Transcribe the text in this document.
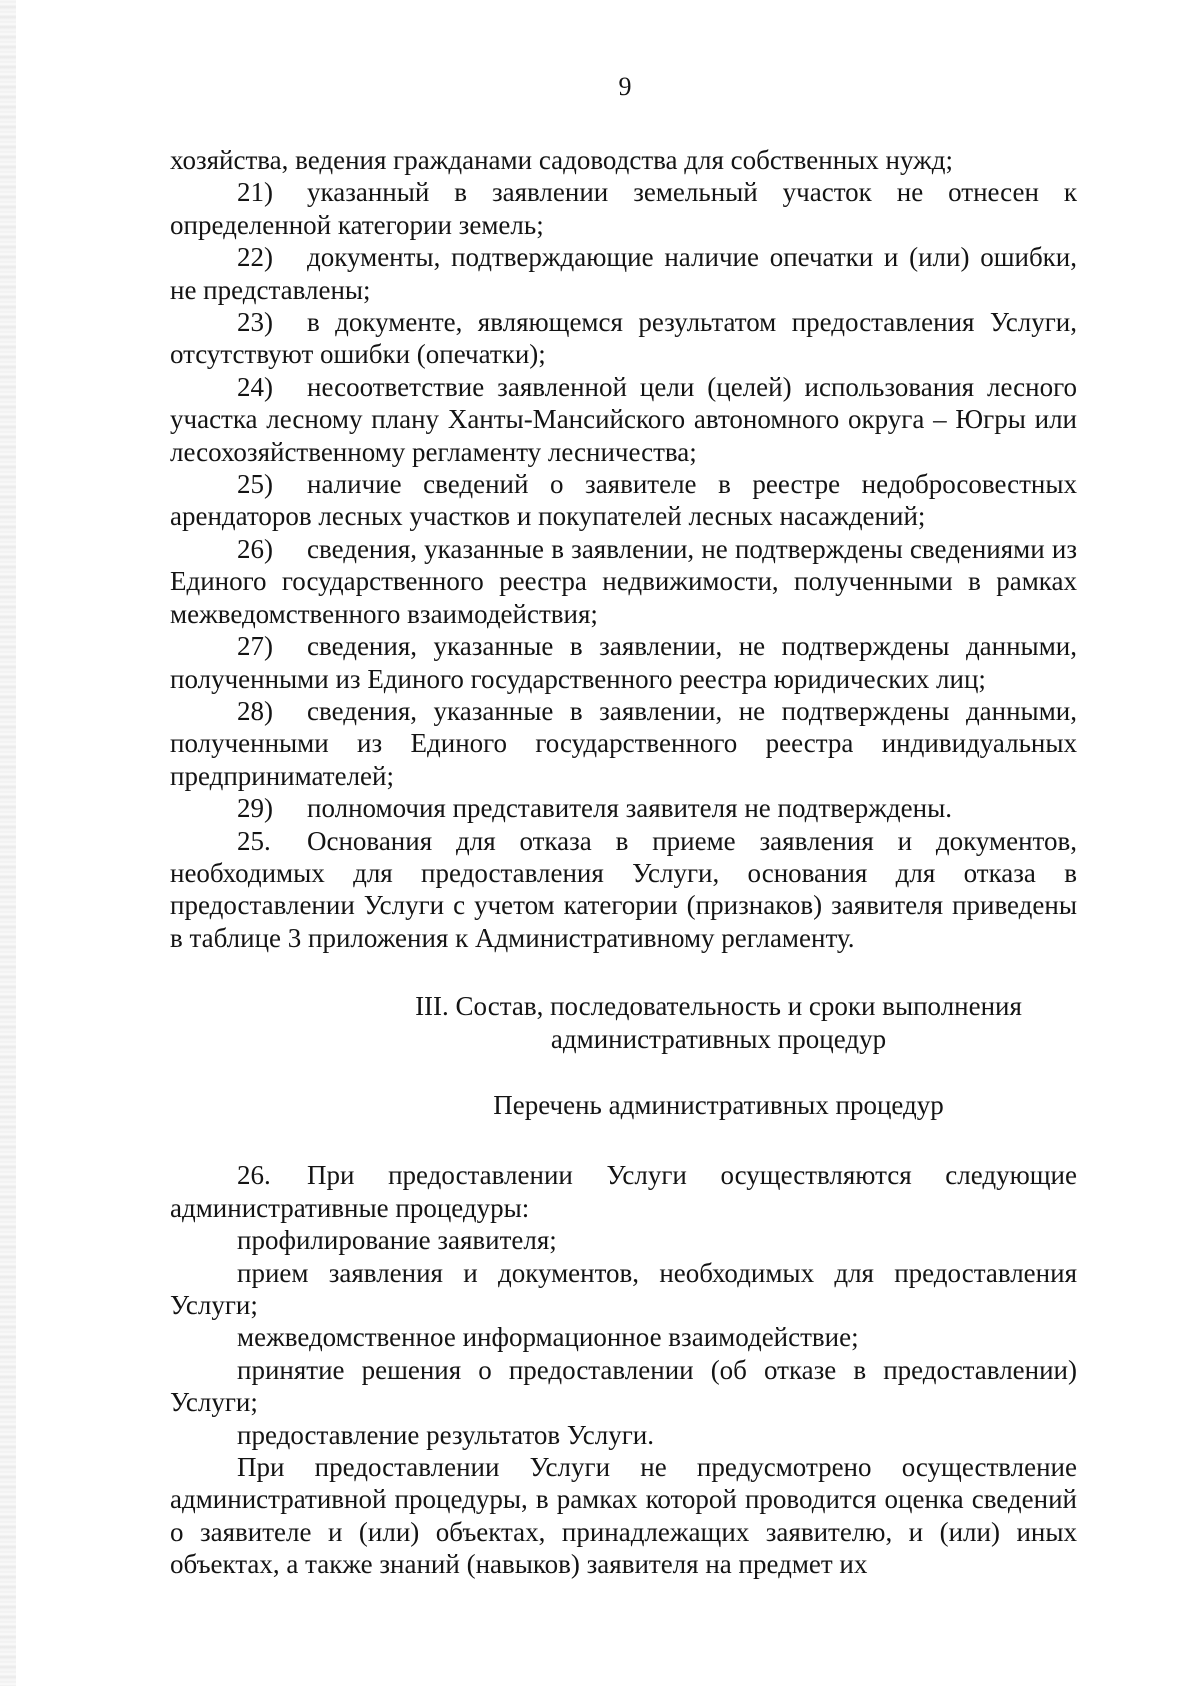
9

хозяйства, ведения гражданами садоводства для собственных нужд;

21) указанный в заявлении земельный участок не отнесен к определенной категории земель;

22) документы, подтверждающие наличие опечатки и (или) ошибки, не представлены;

23) в документе, являющемся результатом предоставления Услуги, отсутствуют ошибки (опечатки);

24) несоответствие заявленной цели (целей) использования лесного участка лесному плану Ханты-Мансийского автономного округа – Югры или лесохозяйственному регламенту лесничества;

25) наличие сведений о заявителе в реестре недобросовестных арендаторов лесных участков и покупателей лесных насаждений;

26) сведения, указанные в заявлении, не подтверждены сведениями из Единого государственного реестра недвижимости, полученными в рамках межведомственного взаимодействия;

27) сведения, указанные в заявлении, не подтверждены данными, полученными из Единого государственного реестра юридических лиц;

28) сведения, указанные в заявлении, не подтверждены данными, полученными из Единого государственного реестра индивидуальных предпринимателей;

29) полномочия представителя заявителя не подтверждены.

25. Основания для отказа в приеме заявления и документов, необходимых для предоставления Услуги, основания для отказа в предоставлении Услуги с учетом категории (признаков) заявителя приведены в таблице 3 приложения к Административному регламенту.

III. Состав, последовательность и сроки выполнения
административных процедур

Перечень административных процедур

26. При предоставлении Услуги осуществляются следующие административные процедуры:

профилирование заявителя;

прием заявления и документов, необходимых для предоставления Услуги;

межведомственное информационное взаимодействие;

принятие решения о предоставлении (об отказе в предоставлении) Услуги;

предоставление результатов Услуги.

При предоставлении Услуги не предусмотрено осуществление административной процедуры, в рамках которой проводится оценка сведений о заявителе и (или) объектах, принадлежащих заявителю, и (или) иных объектах, а также знаний (навыков) заявителя на предмет их
